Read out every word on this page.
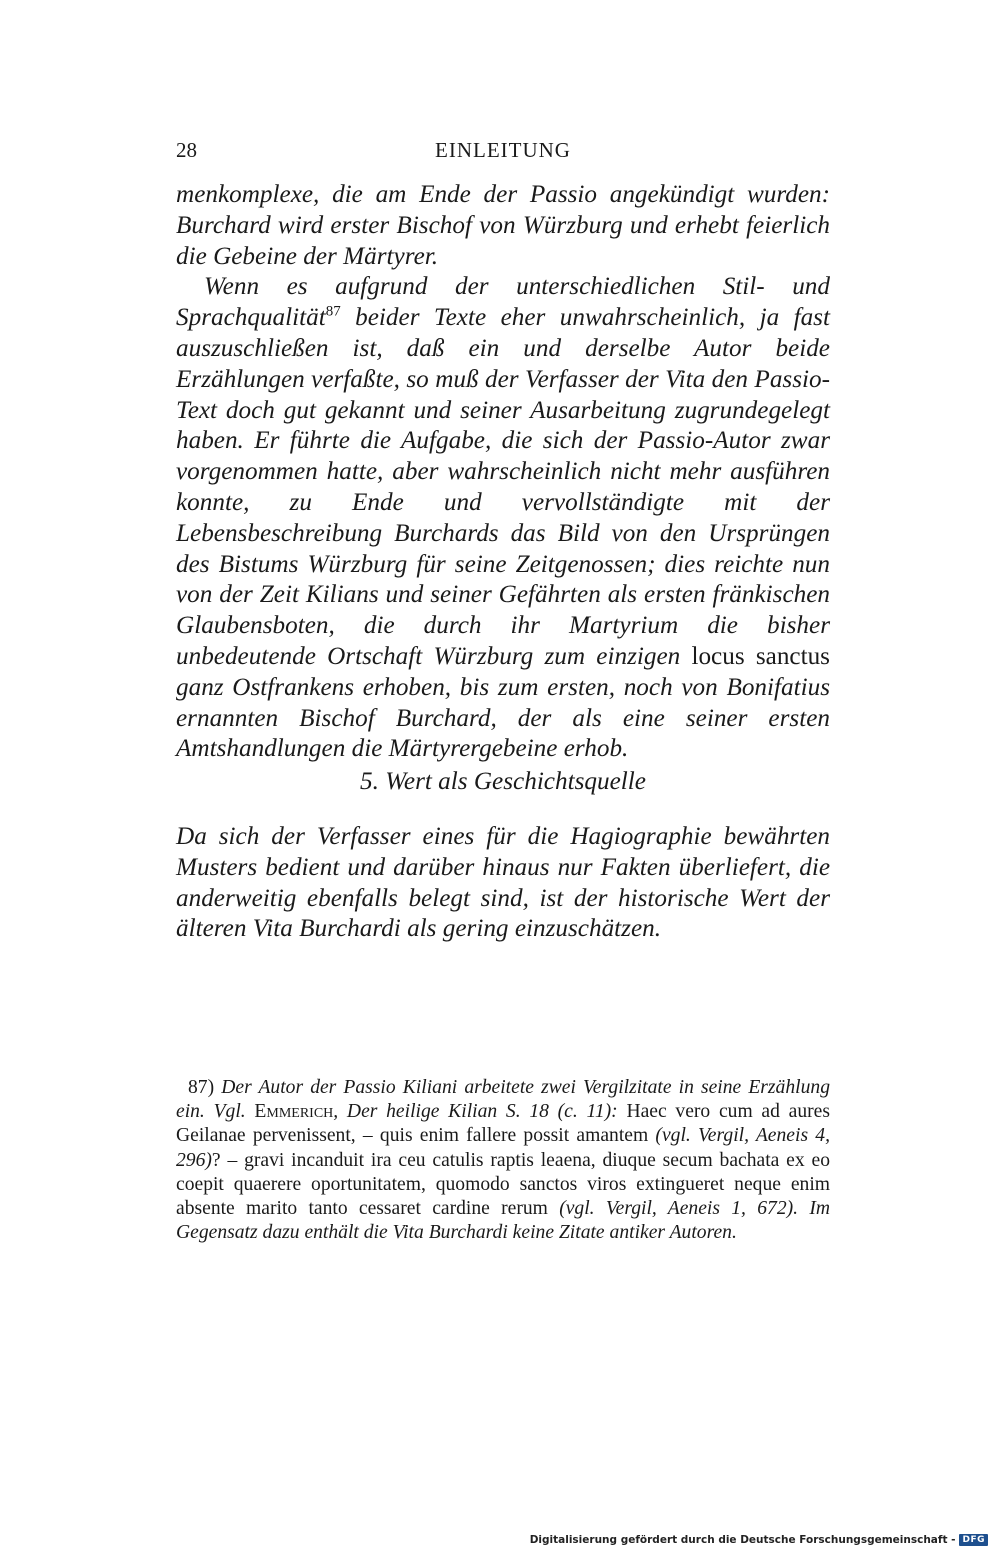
28	EINLEITUNG

menkomplexe, die am Ende der Passio angekündigt wurden: Burchard wird erster Bischof von Würzburg und erhebt feierlich die Gebeine der Märtyrer.

Wenn es aufgrund der unterschiedlichen Stil- und Sprachqualität$^{87}$ beider Texte eher unwahrscheinlich, ja fast auszuschließen ist, daß ein und derselbe Autor beide Erzählungen verfaßte, so muß der Verfasser der Vita den Passio-Text doch gut gekannt und seiner Ausarbeitung zugrundegelegt haben. Er führte die Aufgabe, die sich der Passio-Autor zwar vorgenommen hatte, aber wahrscheinlich nicht mehr ausführen konnte, zu Ende und vervollständigte mit der Lebensbeschreibung Burchards das Bild von den Ursprüngen des Bistums Würzburg für seine Zeitgenossen; dies reichte nun von der Zeit Kilians und seiner Gefährten als ersten fränkischen Glaubensboten, die durch ihr Martyrium die bisher unbedeutende Ortschaft Würzburg zum einzigen locus sanctus ganz Ostfrankens erhoben, bis zum ersten, noch von Bonifatius ernannten Bischof Burchard, der als eine seiner ersten Amtshandlungen die Märtyrergebeine erhob.

5. Wert als Geschichtsquelle

Da sich der Verfasser eines für die Hagiographie bewährten Musters bedient und darüber hinaus nur Fakten überliefert, die anderweitig ebenfalls belegt sind, ist der historische Wert der älteren Vita Burchardi als gering einzuschätzen.

87) Der Autor der Passio Kiliani arbeitete zwei Vergilzitate in seine Erzählung ein. Vgl. Emmerich, Der heilige Kilian S. 18 (c. 11): Haec vero cum ad aures Geilanae pervenissent, – quis enim fallere possit amantem (vgl. Vergil, Aeneis 4, 296)? – gravi incanduit ira ceu catulis raptis leaena, diuque secum bachata ex eo coepit quaerere oportunitatem, quomodo sanctos viros extingueret neque enim absente marito tanto cessaret cardine rerum (vgl. Vergil, Aeneis 1, 672). Im Gegensatz dazu enthält die Vita Burchardi keine Zitate antiker Autoren.

Digitalisierung gefördert durch die Deutsche Forschungsgemeinschaft - DFG
